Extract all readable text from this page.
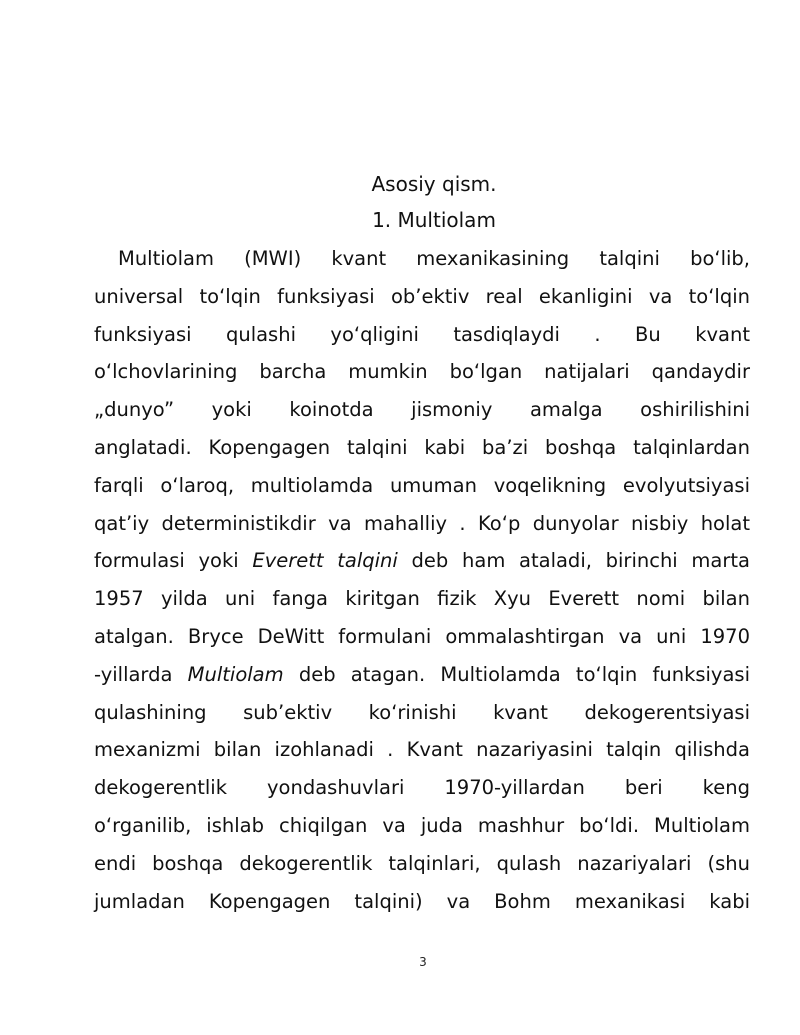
Asosiy qism.
1. Multiolam
Multiolam (MWI) kvant mexanikasining talqini bo‘lib,
universal to‘lqin funksiyasi ob’ektiv real ekanligini va to‘lqin
funksiyasi qulashi yo‘qligini tasdiqlaydi . Bu kvant
o‘lchovlarining barcha mumkin bo‘lgan natijalari qandaydir
„dunyo” yoki koinotda jismoniy amalga oshirilishini
anglatadi. Kopengagen talqini kabi ba’zi boshqa talqinlardan
farqli o‘laroq, multiolamda umuman voqelikning evolyutsiyasi
qat’iy deterministikdir va mahalliy . Ko‘p dunyolar nisbiy holat
formulasi yoki Everett talqini deb ham ataladi, birinchi marta
1957 yilda uni fanga kiritgan fizik Xyu Everett nomi bilan
atalgan. Bryce DeWitt formulani ommalashtirgan va uni 1970
-yillarda Multiolam deb atagan. Multiolamda to‘lqin funksiyasi
qulashining sub’ektiv ko‘rinishi kvant dekogerentsiyasi
mexanizmi bilan izohlanadi . Kvant nazariyasini talqin qilishda
dekogerentlik yondashuvlari 1970-yillardan beri keng
o‘rganilib, ishlab chiqilgan va juda mashhur bo‘ldi. Multiolam
endi boshqa dekogerentlik talqinlari, qulash nazariyalari (shu
jumladan Kopengagen talqini) va Bohm mexanikasi kabi
3
